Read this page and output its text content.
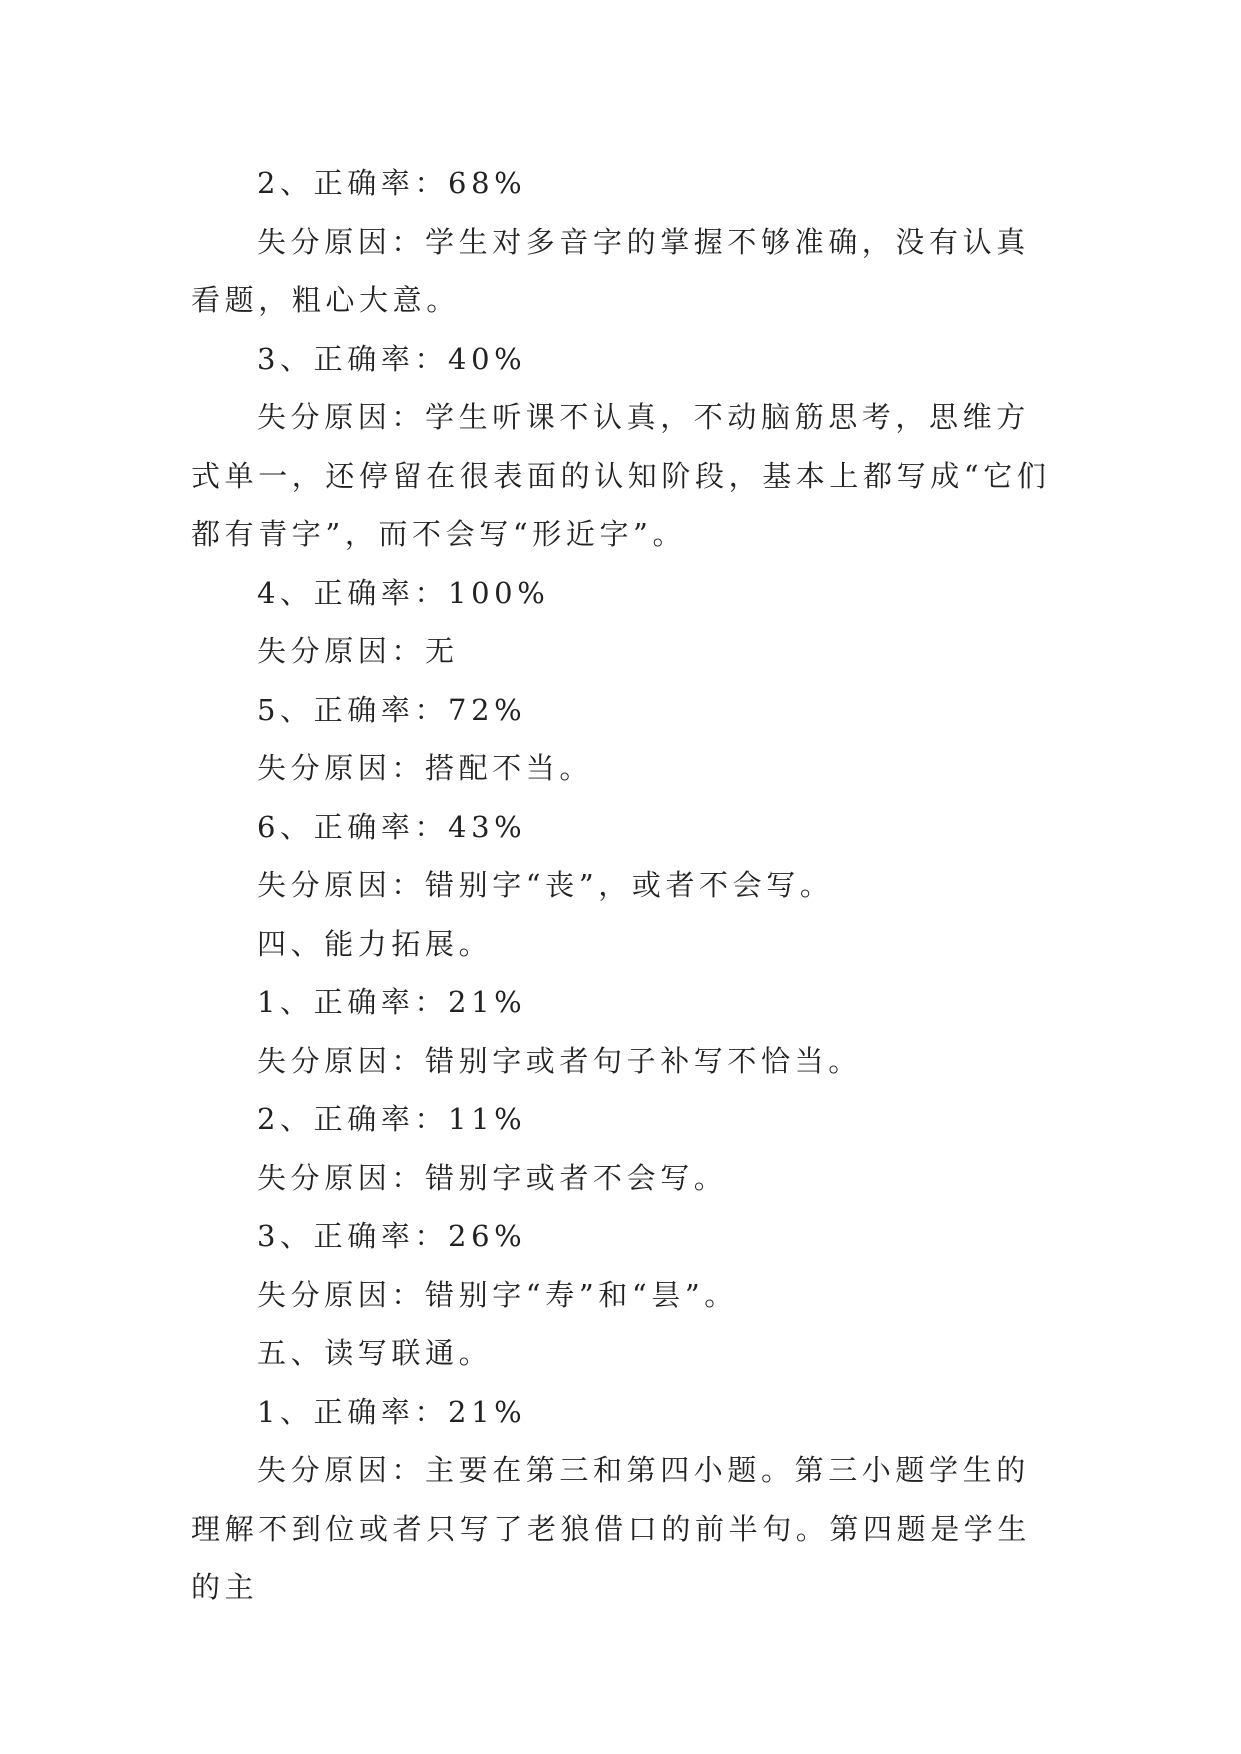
2、正确率：68%

失分原因：学生对多音字的掌握不够准确，没有认真看题，粗心大意。

3、正确率：40%

失分原因：学生听课不认真，不动脑筋思考，思维方式单一，还停留在很表面的认知阶段，基本上都写成“它们都有青字”，而不会写“形近字”。

4、正确率：100%

失分原因：无

5、正确率：72%

失分原因：搭配不当。

6、正确率：43%

失分原因：错别字“丧”，或者不会写。

四、能力拓展。

1、正确率：21%

失分原因：错别字或者句子补写不恰当。

2、正确率：11%

失分原因：错别字或者不会写。

3、正确率：26%

失分原因：错别字“寿”和“昙”。

五、读写联通。

1、正确率：21%

失分原因：主要在第三和第四小题。第三小题学生的理解不到位或者只写了老狼借口的前半句。第四题是学生的主
